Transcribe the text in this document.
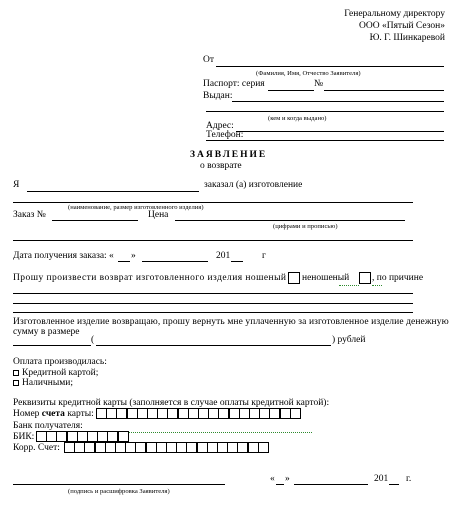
Генеральному директору
ООО «Пятый Сезон»
Ю. Г. Шинкаревой
От
(Фамилия, Имя, Отчество Заявителя)
Паспорт: серия	№
Выдан:
(кем и когда выдано)
Адрес:
Телефон:
ЗАЯВЛЕНИЕ
о возврате
Я	заказал (а) изготовление
(наименование, размер изготовленного изделия)
Заказ №	Цена
(цифрами и прописью)
Дата получения заказа: « »	201	г
Прошу произвести возврат изготовленного изделия ношеный неношеный , по причине
Изготовленное изделие возвращаю, прошу вернуть мне уплаченную за изготовленное изделие денежную
сумму в размере
(	) рублей
Оплата производилась:
Кредитной картой;
Наличными;
Реквизиты кредитной карты (заполняется в случае оплаты кредитной картой):
Номер счета карты:
Банк получателя:
БИК:
Корр. Счет:
(подпись и расшифровка Заявителя)
« »	201 г.
